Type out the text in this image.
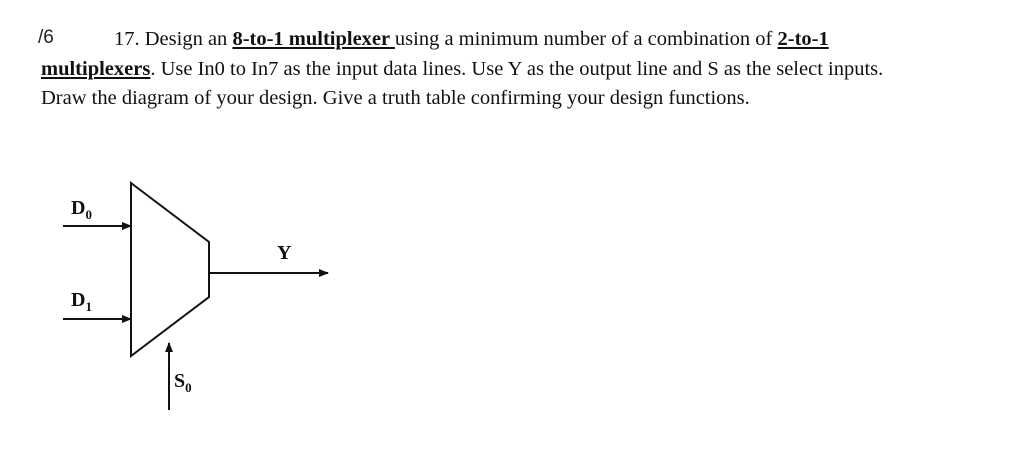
/6	17. Design an 8-to-1 multiplexer using a minimum number of a combination of 2-to-1
multiplexers. Use In0 to In7 as the input data lines. Use Y as the output line and S as the select inputs.
Draw the diagram of your design. Give a truth table confirming your design functions.
$D_0$
$D_1$
Y
$S_0$
